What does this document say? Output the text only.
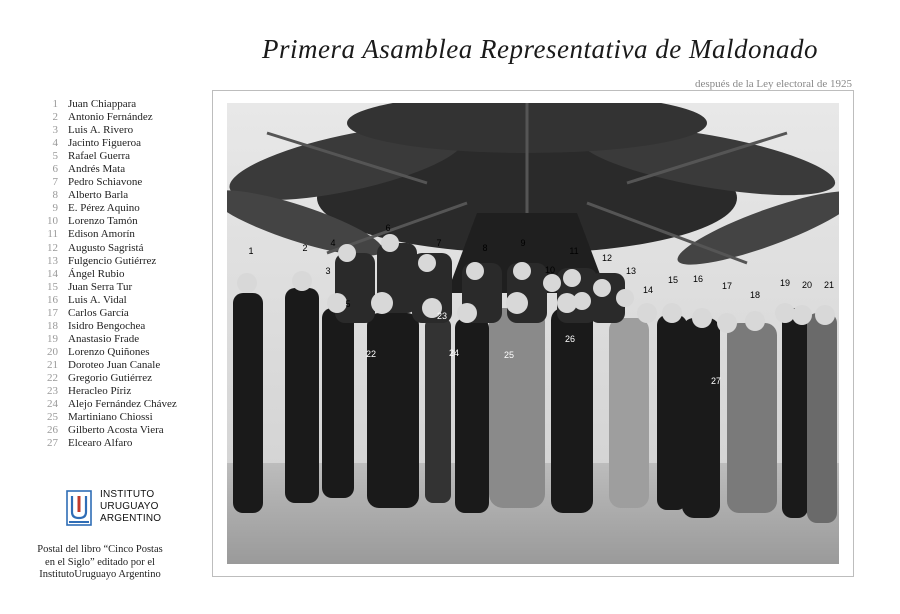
Primera Asamblea Representativa de Maldonado
después de la Ley electoral de 1925
1 Juan Chiappara
2 Antonio Fernández
3 Luis A. Rivero
4 Jacinto Figueroa
5 Rafael Guerra
6 Andrés Mata
7 Pedro Schiavone
8 Alberto Barla
9 E. Pérez Aquino
10 Lorenzo Tamón
11 Edison Amorín
12 Augusto Sagristá
13 Fulgencio Gutiérrez
14 Ángel Rubio
15 Juan Serra Tur
16 Luis A. Vidal
17 Carlos García
18 Isidro Bengochea
19 Anastasio Frade
20 Lorenzo Quiñones
21 Doroteo Juan Canale
22 Gregorio Gutiérrez
23 Heracleo Píriz
24 Alejo Fernández Chávez
25 Martiniano Chiossi
26 Gilberto Acosta Viera
27 Elcearo Alfaro
INSTITUTO
URUGUAYO
ARGENTINO
Postal del libro “Cinco Postas
en el Siglo” editado por el
InstitutoUruguayo Argentino
1	2
3
4
5
6
7	8	9
10
11
12
13
14
15 16
17
18
19 20 21
22
23
24	25
26
27
